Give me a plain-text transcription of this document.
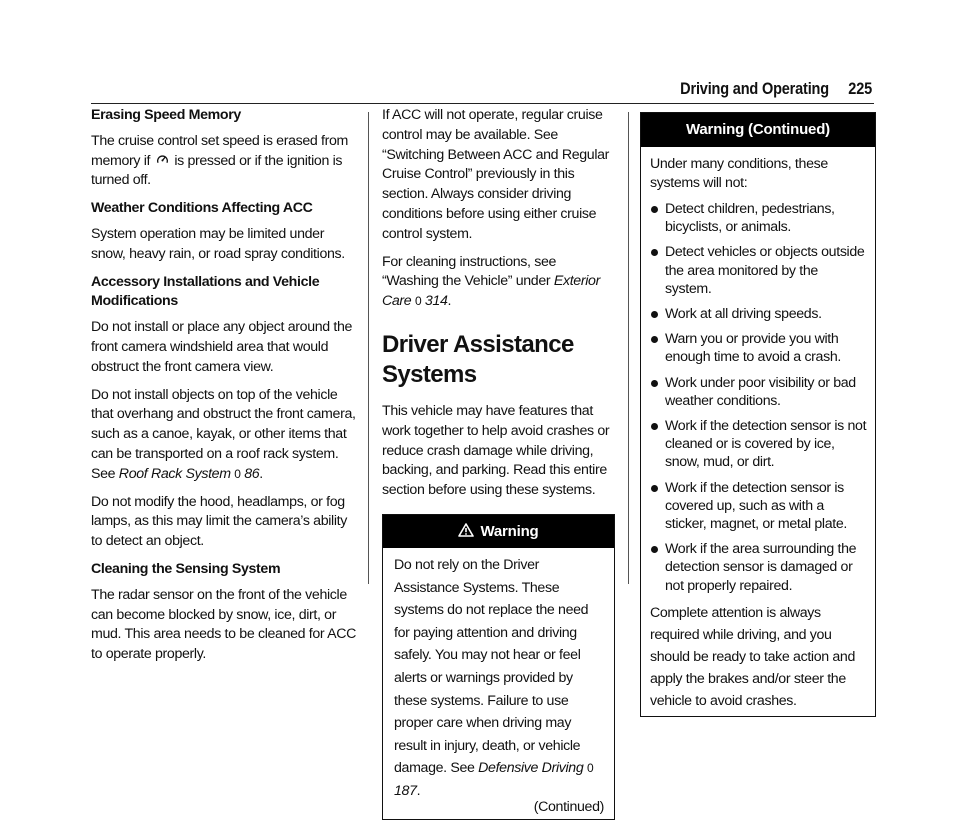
Driving and Operating 225

Erasing Speed Memory

The cruise control set speed is erased from memory if is pressed or if the ignition is turned off.

Weather Conditions Affecting ACC

System operation may be limited under snow, heavy rain, or road spray conditions.

Accessory Installations and Vehicle Modifications

Do not install or place any object around the front camera windshield area that would obstruct the front camera view.

Do not install objects on top of the vehicle that overhang and obstruct the front camera, such as a canoe, kayak, or other items that can be transported on a roof rack system. See Roof Rack System 0 86.

Do not modify the hood, headlamps, or fog lamps, as this may limit the camera’s ability to detect an object.

Cleaning the Sensing System

The radar sensor on the front of the vehicle can become blocked by snow, ice, dirt, or mud. This area needs to be cleaned for ACC to operate properly.

If ACC will not operate, regular cruise control may be available. See “Switching Between ACC and Regular Cruise Control” previously in this section. Always consider driving conditions before using either cruise control system.

For cleaning instructions, see “Washing the Vehicle” under Exterior Care 0 314.

Driver Assistance Systems

This vehicle may have features that work together to help avoid crashes or reduce crash damage while driving, backing, and parking. Read this entire section before using these systems.

Warning
Do not rely on the Driver Assistance Systems. These systems do not replace the need for paying attention and driving safely. You may not hear or feel alerts or warnings provided by these systems. Failure to use proper care when driving may result in injury, death, or vehicle damage. See Defensive Driving 0 187.
(Continued)
Warning (Continued)

Under many conditions, these systems will not:

Detect children, pedestrians, bicyclists, or animals.
Detect vehicles or objects outside the area monitored by the system.
Work at all driving speeds.
Warn you or provide you with enough time to avoid a crash.
Work under poor visibility or bad weather conditions.
Work if the detection sensor is not cleaned or is covered by ice, snow, mud, or dirt.
Work if the detection sensor is covered up, such as with a sticker, magnet, or metal plate.
Work if the area surrounding the detection sensor is damaged or not properly repaired.

Complete attention is always required while driving, and you should be ready to take action and apply the brakes and/or steer the vehicle to avoid crashes.
